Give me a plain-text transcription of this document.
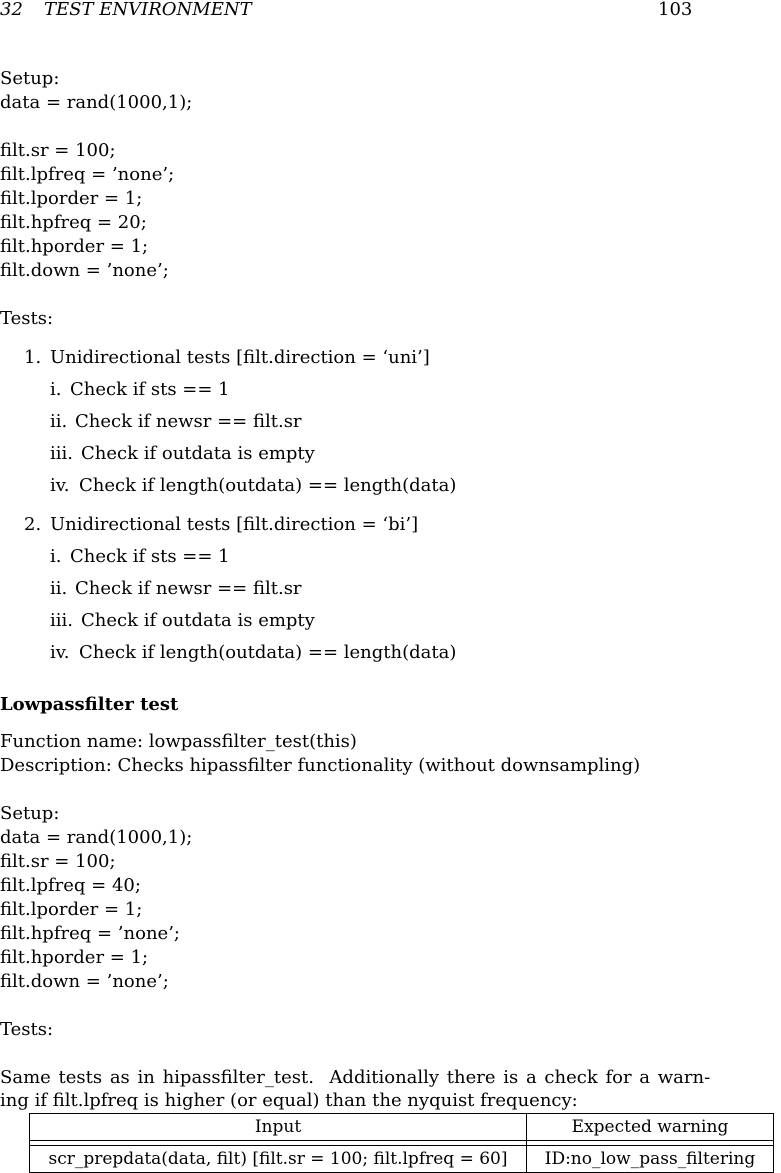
32 TEST ENVIRONMENT	103
Setup:
data = rand(1000,1);
filt.sr = 100;
filt.lpfreq = ’none’;
filt.lporder = 1;
filt.hpfreq = 20;
filt.hporder = 1;
filt.down = ’none’;
Tests:
1. Unidirectional tests [filt.direction = ‘uni’]
i. Check if sts == 1
ii. Check if newsr == filt.sr
iii. Check if outdata is empty
iv. Check if length(outdata) == length(data)
2. Unidirectional tests [filt.direction = ‘bi’]
i. Check if sts == 1
ii. Check if newsr == filt.sr
iii. Check if outdata is empty
iv. Check if length(outdata) == length(data)
Lowpassfilter test
Function name: lowpassfilter_test(this)
Description: Checks hipassfilter functionality (without downsampling)
Setup:
data = rand(1000,1);
filt.sr = 100;
filt.lpfreq = 40;
filt.lporder = 1;
filt.hpfreq = ’none’;
filt.hporder = 1;
filt.down = ’none’;
Tests:
Same tests as in hipassfilter_test.  Additionally there is a check for a warn-
ing if filt.lpfreq is higher (or equal) than the nyquist frequency:
Input	Expected warning

scr_prepdata(data, filt) [filt.sr = 100; filt.lpfreq = 60]	ID:no_low_pass_filtering
